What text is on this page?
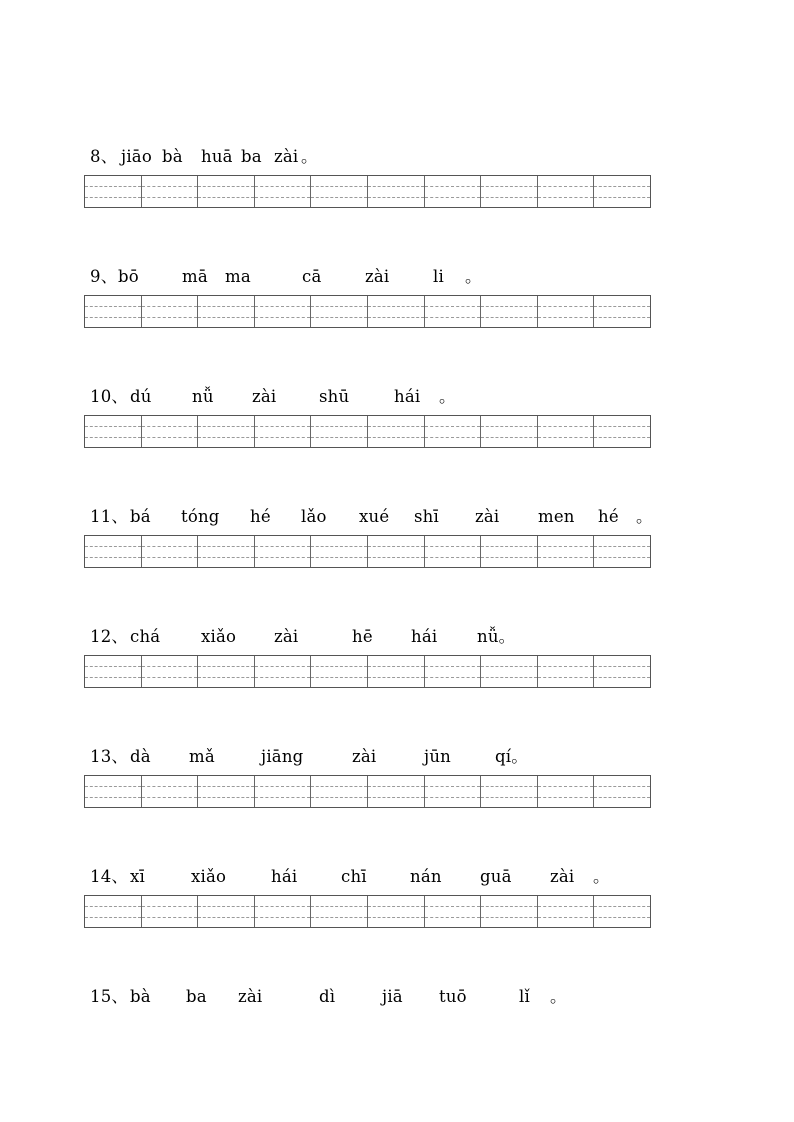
8、 jiāo bà huā ba zài 。
9、 bō	mā ma	cā	zài	li 。
10、 dú nǚ zài	shū	hái 。
11、 bá tóng hé lǎo xué shī zài men hé 。
12、 chá xiǎo zài	hē hái nǚ。
13、 dà mǎ	jiāng	zài	jūn	qí。
14、 xī	xiǎo	hái	chī	nán guā zài 。
15、 bà ba zài	dì	jiā tuō	lǐ 。
